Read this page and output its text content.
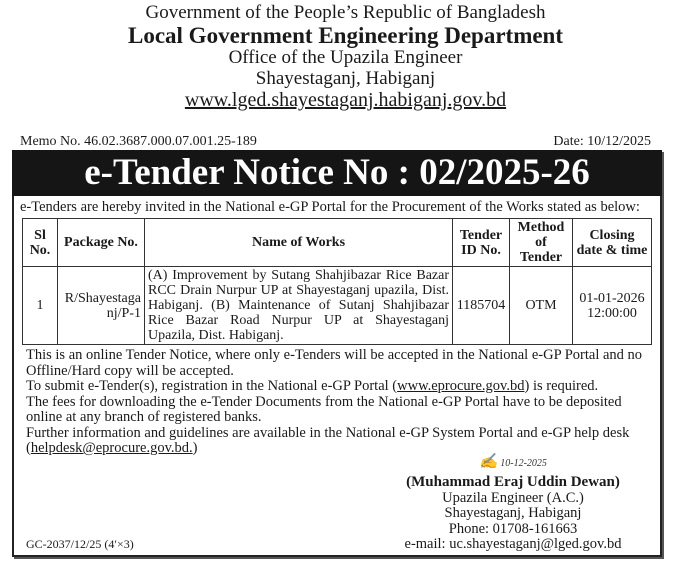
Government of the People’s Republic of Bangladesh
Local Government Engineering Department
Office of the Upazila Engineer
Shayestaganj, Habiganj
www.lged.shayestaganj.habiganj.gov.bd
Memo No. 46.02.3687.000.07.001.25-189	Date: 10/12/2025
e-Tender Notice No : 02/2025-26
e-Tenders are hereby invited in the National e-GP Portal for the Procurement of the Works stated as below:
Sl No.	Package No.	Name of Works	Tender ID No.	Method of Tender	Closing date & time
1	R/Shayestaganj/P-1	(A) Improvement by Sutang Shahjibazar Rice Bazar RCC Drain Nurpur UP at Shayestaganj upazila, Dist. Habiganj. (B) Maintenance of Sutanj Shahjibazar Rice Bazar Road Nurpur UP at Shayestaganj Upazila, Dist. Habiganj.	1185704	OTM	01-01-2026 12:00:00

This is an online Tender Notice, where only e-Tenders will be accepted in the National e-GP Portal and no Offline/Hard copy will be accepted.

To submit e-Tender(s), registration in the National e-GP Portal (www.eprocure.gov.bd) is required.

The fees for downloading the e-Tender Documents from the National e-GP Portal have to be deposited online at any branch of registered banks.

Further information and guidelines are available in the National e-GP System Portal and e-GP help desk (helpdesk@eprocure.gov.bd.)

✍ 10-12-2025
(Muhammad Eraj Uddin Dewan)
Upazila Engineer (A.C.)
Shayestaganj, Habiganj
Phone: 01708-161663
e-mail: uc.shayestaganj@lged.gov.bd
GC-2037/12/25 (4′×3)
